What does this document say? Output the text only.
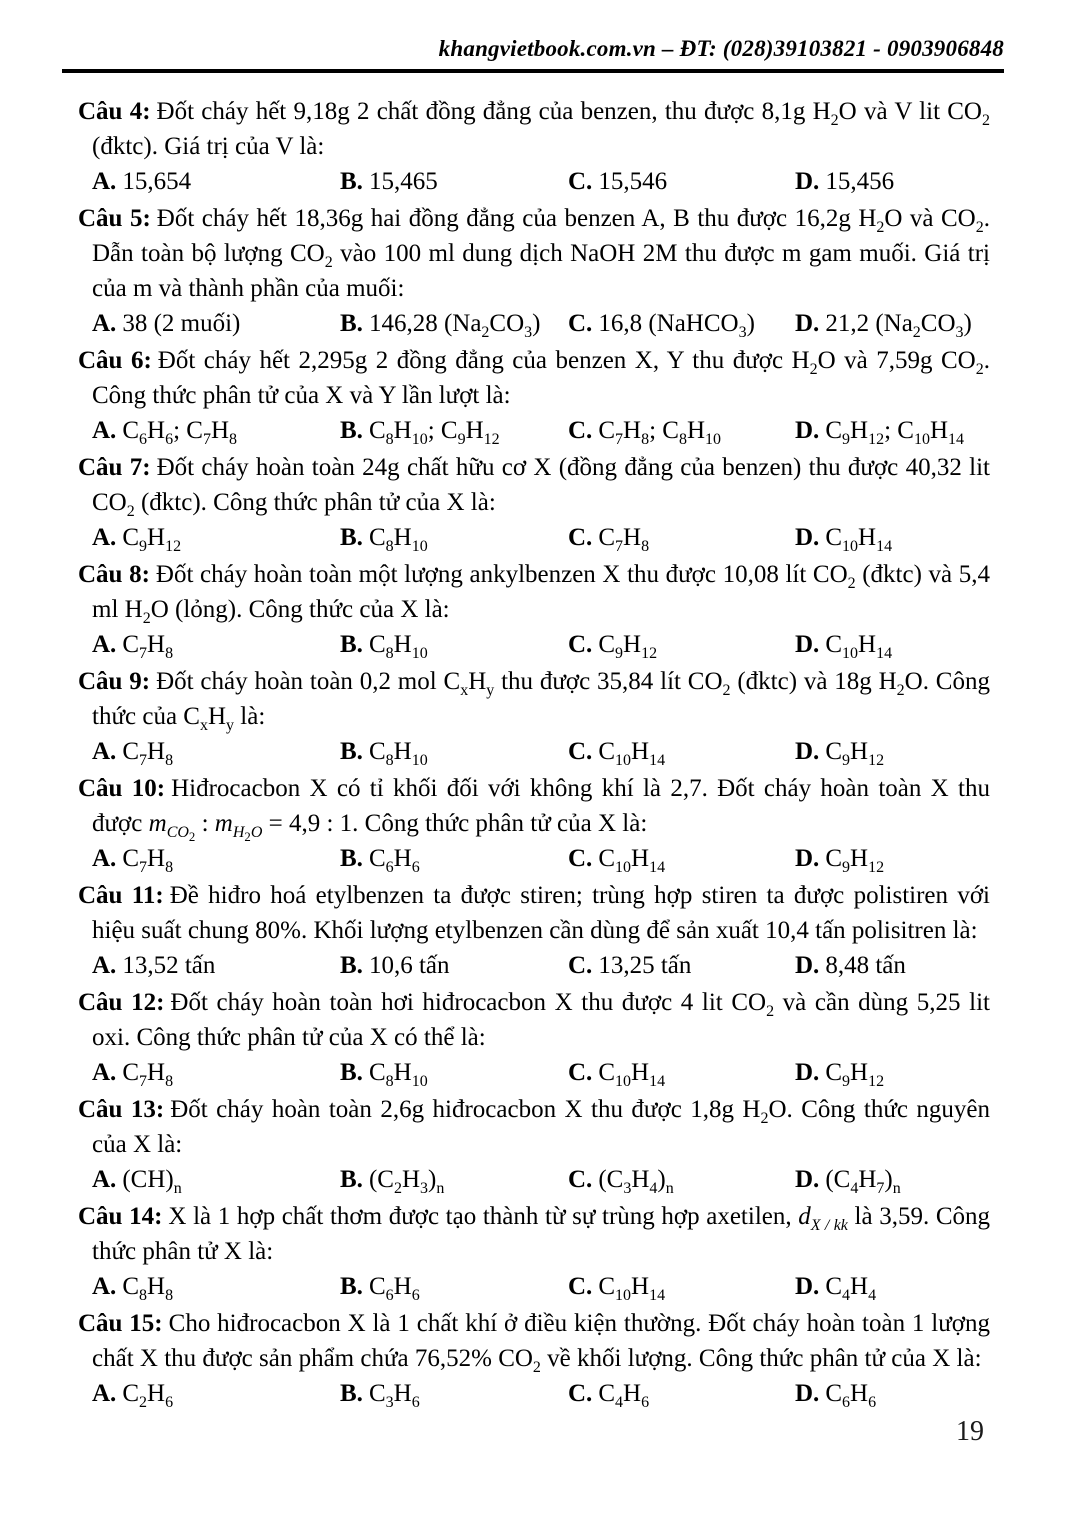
khangvietbook.com.vn – ĐT: (028)39103821 - 0903906848

Câu 4: Đốt cháy hết 9,18g 2 chất đồng đẳng của benzen, thu được 8,1g $H_2O$ và V lit $CO_2$ (đktc). Giá trị của V là:

A. 15,654	B. 15,465	C. 15,546	D. 15,456

Câu 5: Đốt cháy hết 18,36g hai đồng đẳng của benzen A, B thu được 16,2g $H_2O$ và $CO_2$. Dẫn toàn bộ lượng $CO_2$ vào 100 ml dung dịch NaOH 2M thu được m gam muối. Giá trị của m và thành phần của muối:

A. 38 (2 muối)	B. 146,28 $(Na_2CO_3)$	C. 16,8 (NaHCO$_3$)	D. 21,2 $(Na_2CO_3)$

Câu 6: Đốt cháy hết 2,295g 2 đồng đẳng của benzen X, Y thu được $H_2O$ và 7,59g $CO_2$. Công thức phân tử của X và Y lần lượt là:

A. $C_6H_6$; $C_7H_8$	B. $C_8H_{10}$; $C_9H_{12}$	C. $C_7H_8$; $C_8H_{10}$	D. $C_9H_{12}$; $C_{10}H_{14}$

Câu 7: Đốt cháy hoàn toàn 24g chất hữu cơ X (đồng đẳng của benzen) thu được 40,32 lit $CO_2$ (đktc). Công thức phân tử của X là:

A. $C_9H_{12}$	B. $C_8H_{10}$	C. $C_7H_8$	D. $C_{10}H_{14}$

Câu 8: Đốt cháy hoàn toàn một lượng ankylbenzen X thu được 10,08 lít $CO_2$ (đktc) và 5,4 ml $H_2O$ (lỏng). Công thức của X là:

A. $C_7H_8$	B. $C_8H_{10}$	C. $C_9H_{12}$	D. $C_{10}H_{14}$

Câu 9: Đốt cháy hoàn toàn 0,2 mol $C_xH_y$ thu được 35,84 lít $CO_2$ (đktc) và 18g $H_2O$. Công thức của $C_xH_y$ là:

A. $C_7H_8$	B. $C_8H_{10}$	C. $C_{10}H_{14}$	D. $C_9H_{12}$

Câu 10: Hiđrocacbon X có tỉ khối đối với không khí là 2,7. Đốt cháy hoàn toàn X thu được $m_{CO_2}$ : $m_{H_2O} = 4,9$ : 1. Công thức phân tử của X là:

A. $C_7H_8$	B. $C_6H_6$	C. $C_{10}H_{14}$	D. $C_9H_{12}$

Câu 11: Đề hiđro hoá etylbenzen ta được stiren; trùng hợp stiren ta được polistiren với hiệu suất chung 80%. Khối lượng etylbenzen cần dùng để sản xuất 10,4 tấn polisitren là:

A. 13,52 tấn	B. 10,6 tấn	C. 13,25 tấn	D. 8,48 tấn

Câu 12: Đốt cháy hoàn toàn hơi hiđrocacbon X thu được 4 lit $CO_2$ và cần dùng 5,25 lit oxi. Công thức phân tử của X có thể là:

A. $C_7H_8$	B. $C_8H_{10}$	C. $C_{10}H_{14}$	D. $C_9H_{12}$

Câu 13: Đốt cháy hoàn toàn 2,6g hiđrocacbon X thu được 1,8g $H_2O$. Công thức nguyên của X là:

A. $(CH)_n$	B. $(C_2H_3)_n$	C. $(C_3H_4)_n$	D. $(C_4H_7)_n$

Câu 14: X là 1 hợp chất thơm được tạo thành từ sự trùng hợp axetilen, $d_{X / kk}$ là 3,59. Công thức phân tử X là:

A. $C_8H_8$	B. $C_6H_6$	C. $C_{10}H_{14}$	D. $C_4H_4$

Câu 15: Cho hiđrocacbon X là 1 chất khí ở điều kiện thường. Đốt cháy hoàn toàn 1 lượng chất X thu được sản phẩm chứa 76,52% $CO_2$ về khối lượng. Công thức phân tử của X là:

A. $C_2H_6$	B. $C_3H_6$	C. $C_4H_6$	D. $C_6H_6$
19
